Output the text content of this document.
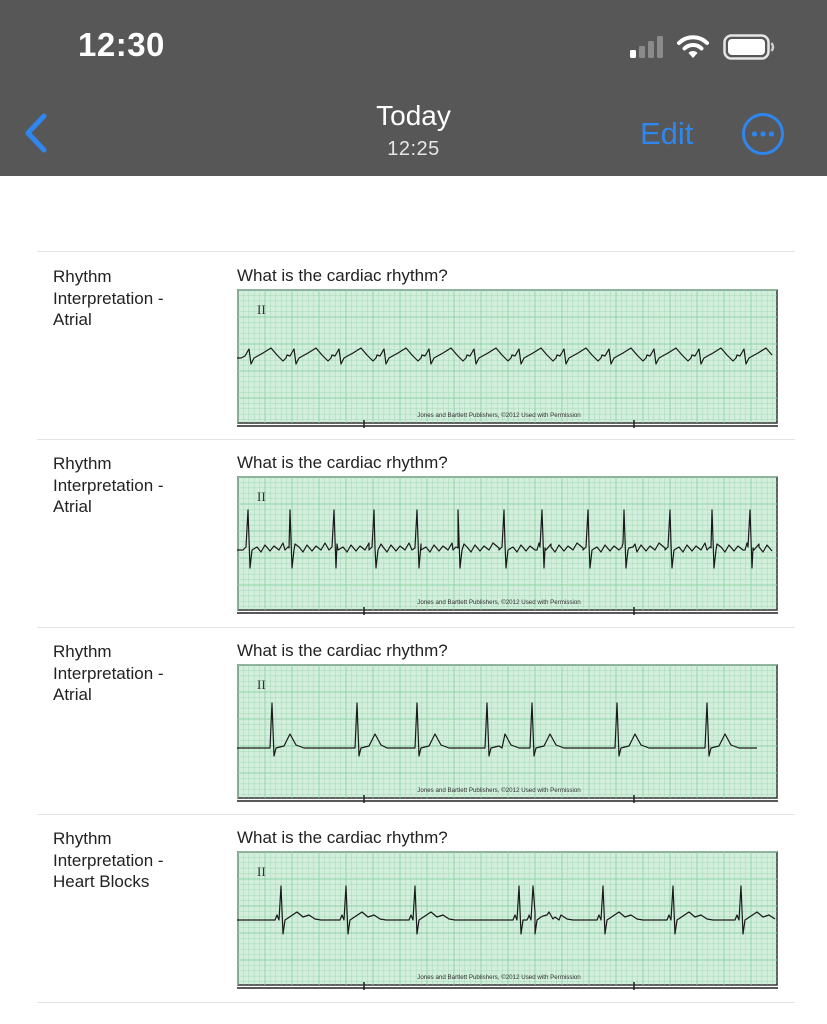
12:30
Today
12:25	Edit
Rhythm
Interpretation -
Atrial
What is the cardiac rhythm?
II
Jones and Bartlett Publishers, ©2012 Used with Permission
Rhythm
Interpretation -
Atrial
What is the cardiac rhythm?
II
Jones and Bartlett Publishers, ©2012 Used with Permission
Rhythm
Interpretation -
Atrial
What is the cardiac rhythm?
II
Jones and Bartlett Publishers, ©2012 Used with Permission
Rhythm
Interpretation -
Heart Blocks
What is the cardiac rhythm?
II
Jones and Bartlett Publishers, ©2012 Used with Permission
